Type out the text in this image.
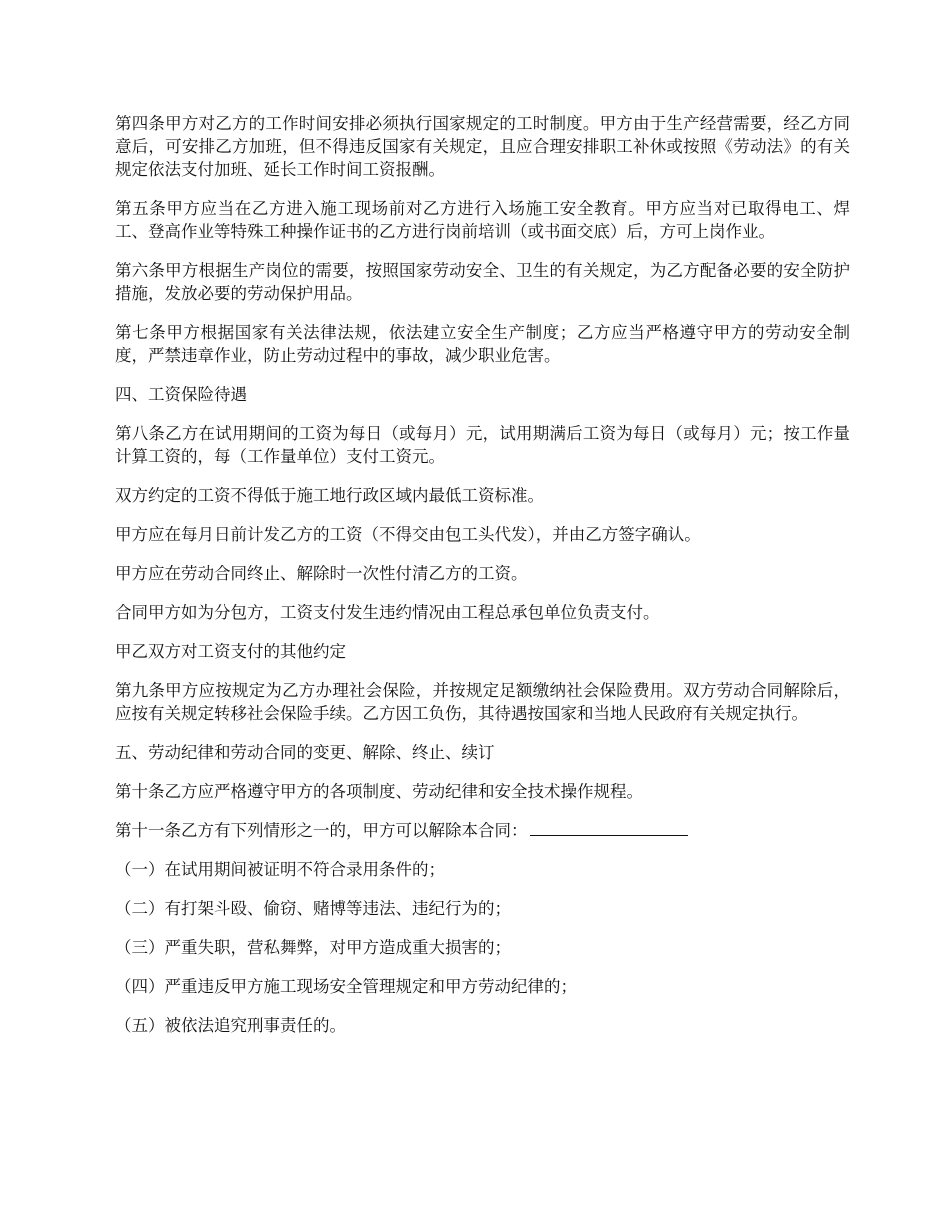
第四条甲方对乙方的工作时间安排必须执行国家规定的工时制度。甲方由于生产经营需要，经乙方同意后，可安排乙方加班，但不得违反国家有关规定，且应合理安排职工补休或按照《劳动法》的有关规定依法支付加班、延长工作时间工资报酬。

第五条甲方应当在乙方进入施工现场前对乙方进行入场施工安全教育。甲方应当对已取得电工、焊工、登高作业等特殊工种操作证书的乙方进行岗前培训（或书面交底）后，方可上岗作业。

第六条甲方根据生产岗位的需要，按照国家劳动安全、卫生的有关规定，为乙方配备必要的安全防护措施，发放必要的劳动保护用品。

第七条甲方根据国家有关法律法规，依法建立安全生产制度；乙方应当严格遵守甲方的劳动安全制度，严禁违章作业，防止劳动过程中的事故，减少职业危害。

四、工资保险待遇

第八条乙方在试用期间的工资为每日（或每月）元，试用期满后工资为每日（或每月）元；按工作量计算工资的，每（工作量单位）支付工资元。

双方约定的工资不得低于施工地行政区域内最低工资标准。

甲方应在每月日前计发乙方的工资（不得交由包工头代发），并由乙方签字确认。

甲方应在劳动合同终止、解除时一次性付清乙方的工资。

合同甲方如为分包方，工资支付发生违约情况由工程总承包单位负责支付。

甲乙双方对工资支付的其他约定

第九条甲方应按规定为乙方办理社会保险，并按规定足额缴纳社会保险费用。双方劳动合同解除后，应按有关规定转移社会保险手续。乙方因工负伤，其待遇按国家和当地人民政府有关规定执行。

五、劳动纪律和劳动合同的变更、解除、终止、续订

第十条乙方应严格遵守甲方的各项制度、劳动纪律和安全技术操作规程。

第十一条乙方有下列情形之一的，甲方可以解除本合同：

（一）在试用期间被证明不符合录用条件的；

（二）有打架斗殴、偷窃、赌博等违法、违纪行为的；

（三）严重失职，营私舞弊，对甲方造成重大损害的；

（四）严重违反甲方施工现场安全管理规定和甲方劳动纪律的；

（五）被依法追究刑事责任的。
